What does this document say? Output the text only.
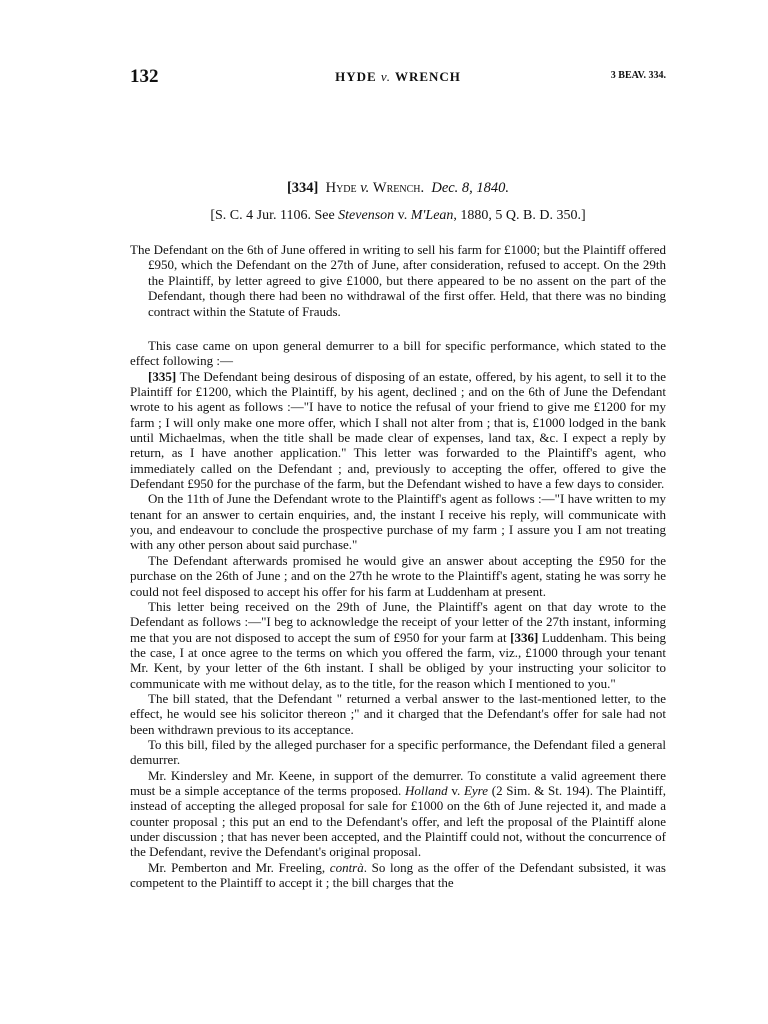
132	HYDE v. WRENCH	3 BEAV. 334.
[334] Hyde v. Wrench. Dec. 8, 1840.
[S. C. 4 Jur. 1106. See Stevenson v. M'Lean, 1880, 5 Q. B. D. 350.]

The Defendant on the 6th of June offered in writing to sell his farm for £1000; but the Plaintiff offered £950, which the Defendant on the 27th of June, after consideration, refused to accept. On the 29th the Plaintiff, by letter agreed to give £1000, but there appeared to be no assent on the part of the Defendant, though there had been no withdrawal of the first offer. Held, that there was no binding contract within the Statute of Frauds.

This case came on upon general demurrer to a bill for specific performance, which stated to the effect following :—

[335] The Defendant being desirous of disposing of an estate, offered, by his agent, to sell it to the Plaintiff for £1200, which the Plaintiff, by his agent, declined ; and on the 6th of June the Defendant wrote to his agent as follows :—"I have to notice the refusal of your friend to give me £1200 for my farm ; I will only make one more offer, which I shall not alter from ; that is, £1000 lodged in the bank until Michaelmas, when the title shall be made clear of expenses, land tax, &c. I expect a reply by return, as I have another application." This letter was forwarded to the Plaintiff's agent, who immediately called on the Defendant ; and, previously to accepting the offer, offered to give the Defendant £950 for the purchase of the farm, but the Defendant wished to have a few days to consider.

On the 11th of June the Defendant wrote to the Plaintiff's agent as follows :—"I have written to my tenant for an answer to certain enquiries, and, the instant I receive his reply, will communicate with you, and endeavour to conclude the prospective purchase of my farm ; I assure you I am not treating with any other person about said purchase."

The Defendant afterwards promised he would give an answer about accepting the £950 for the purchase on the 26th of June ; and on the 27th he wrote to the Plaintiff's agent, stating he was sorry he could not feel disposed to accept his offer for his farm at Luddenham at present.

This letter being received on the 29th of June, the Plaintiff's agent on that day wrote to the Defendant as follows :—"I beg to acknowledge the receipt of your letter of the 27th instant, informing me that you are not disposed to accept the sum of £950 for your farm at [336] Luddenham. This being the case, I at once agree to the terms on which you offered the farm, viz., £1000 through your tenant Mr. Kent, by your letter of the 6th instant. I shall be obliged by your instructing your solicitor to communicate with me without delay, as to the title, for the reason which I mentioned to you."

The bill stated, that the Defendant " returned a verbal answer to the last-mentioned letter, to the effect, he would see his solicitor thereon ;" and it charged that the Defendant's offer for sale had not been withdrawn previous to its acceptance.

To this bill, filed by the alleged purchaser for a specific performance, the Defendant filed a general demurrer.

Mr. Kindersley and Mr. Keene, in support of the demurrer. To constitute a valid agreement there must be a simple acceptance of the terms proposed. Holland v. Eyre (2 Sim. & St. 194). The Plaintiff, instead of accepting the alleged proposal for sale for £1000 on the 6th of June rejected it, and made a counter proposal ; this put an end to the Defendant's offer, and left the proposal of the Plaintiff alone under discussion ; that has never been accepted, and the Plaintiff could not, without the concurrence of the Defendant, revive the Defendant's original proposal.

Mr. Pemberton and Mr. Freeling, contrà. So long as the offer of the Defendant subsisted, it was competent to the Plaintiff to accept it ; the bill charges that the
